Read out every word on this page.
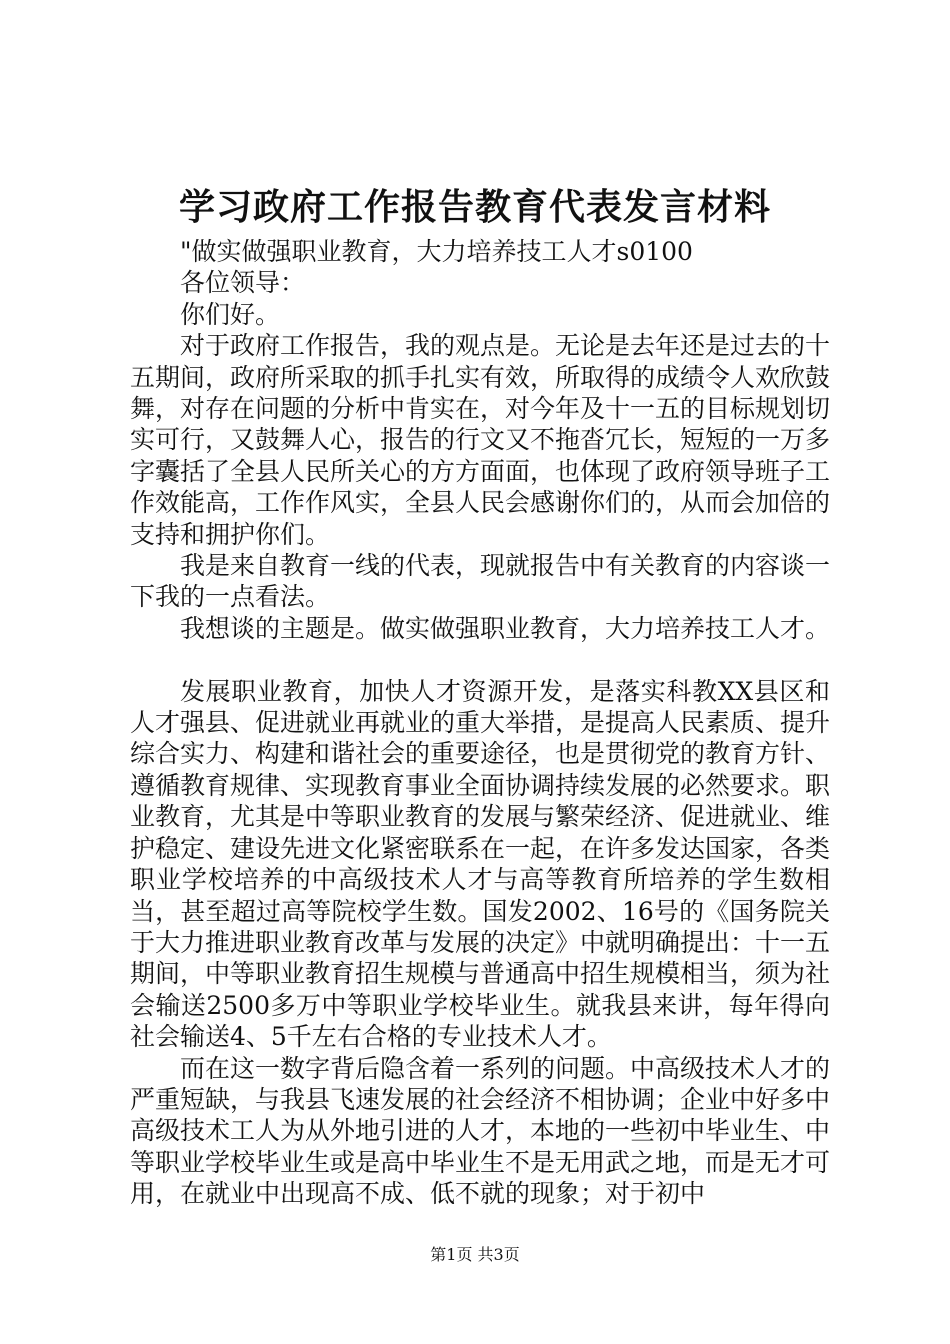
学习政府工作报告教育代表发言材料

"做实做强职业教育，大力培养技工人才s0100

各位领导：

你们好。

对于政府工作报告，我的观点是。无论是去年还是过去的十五期间，政府所采取的抓手扎实有效，所取得的成绩令人欢欣鼓舞，对存在问题的分析中肯实在，对今年及十一五的目标规划切实可行，又鼓舞人心，报告的行文又不拖沓冗长，短短的一万多字囊括了全县人民所关心的方方面面，也体现了政府领导班子工作效能高，工作作风实，全县人民会感谢你们的，从而会加倍的支持和拥护你们。

我是来自教育一线的代表，现就报告中有关教育的内容谈一下我的一点看法。

我想谈的主题是。做实做强职业教育，大力培养技工人才。

发展职业教育，加快人才资源开发，是落实科教XX县区和人才强县、促进就业再就业的重大举措，是提高人民素质、提升综合实力、构建和谐社会的重要途径，也是贯彻党的教育方针、遵循教育规律、实现教育事业全面协调持续发展的必然要求。职业教育，尤其是中等职业教育的发展与繁荣经济、促进就业、维护稳定、建设先进文化紧密联系在一起，在许多发达国家，各类职业学校培养的中高级技术人才与高等教育所培养的学生数相当，甚至超过高等院校学生数。国发2002、16号的《国务院关于大力推进职业教育改革与发展的决定》中就明确提出：十一五期间，中等职业教育招生规模与普通高中招生规模相当，须为社会输送2500多万中等职业学校毕业生。就我县来讲，每年得向社会输送4、5千左右合格的专业技术人才。

而在这一数字背后隐含着一系列的问题。中高级技术人才的严重短缺，与我县飞速发展的社会经济不相协调；企业中好多中高级技术工人为从外地引进的人才，本地的一些初中毕业生、中等职业学校毕业生或是高中毕业生不是无用武之地，而是无才可用，在就业中出现高不成、低不就的现象；对于初中

第1页 共3页
